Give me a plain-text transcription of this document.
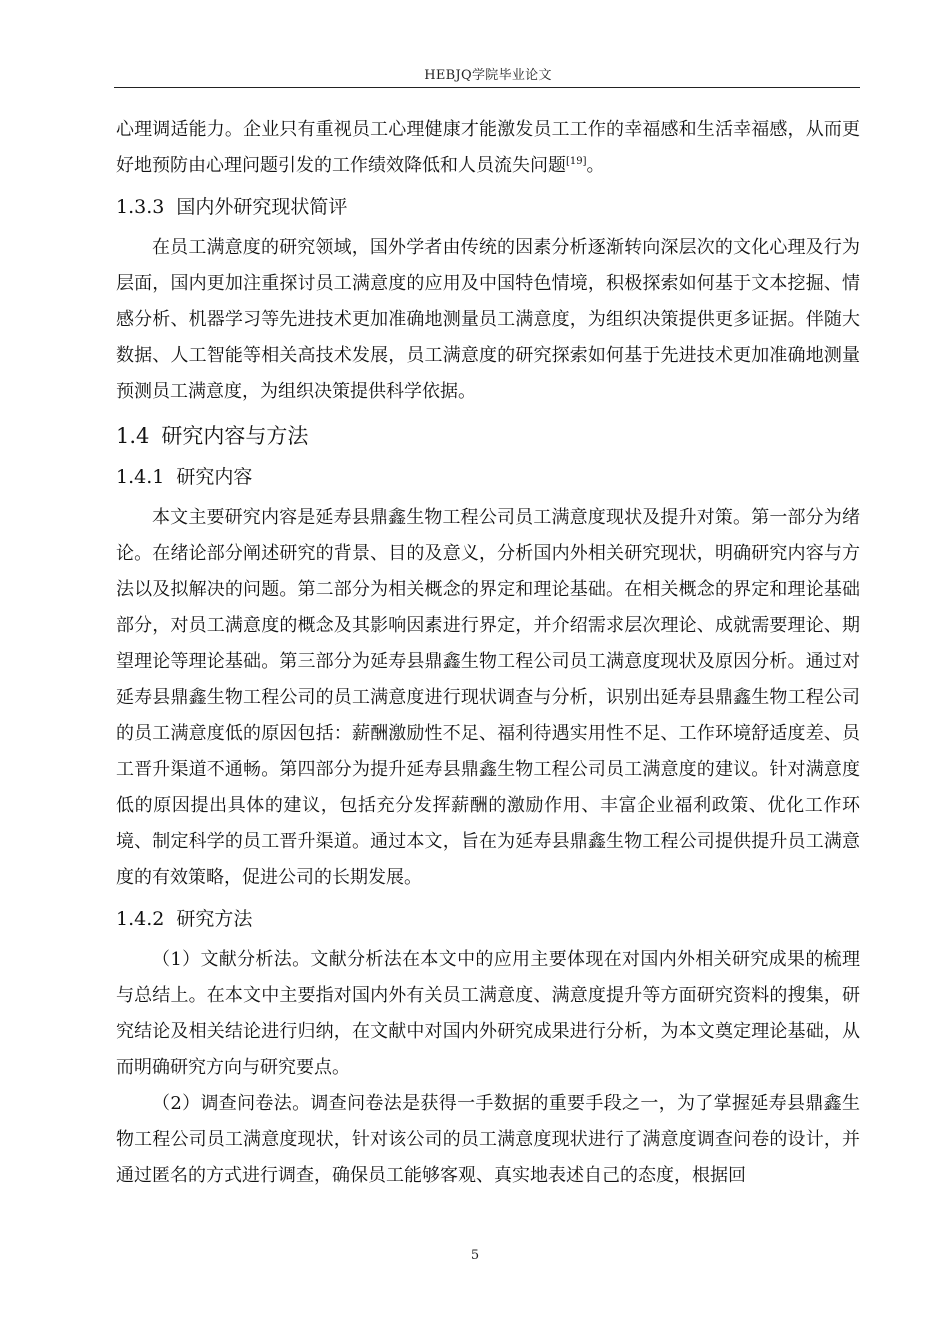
HEBJQ学院毕业论文

心理调适能力。企业只有重视员工心理健康才能激发员工工作的幸福感和生活幸福感，从而更好地预防由心理问题引发的工作绩效降低和人员流失问题[19]。

1.3.3 国内外研究现状简评

在员工满意度的研究领域，国外学者由传统的因素分析逐渐转向深层次的文化心理及行为层面，国内更加注重探讨员工满意度的应用及中国特色情境，积极探索如何基于文本挖掘、情感分析、机器学习等先进技术更加准确地测量员工满意度，为组织决策提供更多证据。伴随大数据、人工智能等相关高技术发展，员工满意度的研究探索如何基于先进技术更加准确地测量预测员工满意度，为组织决策提供科学依据。

1.4 研究内容与方法
1.4.1 研究内容

本文主要研究内容是延寿县鼎鑫生物工程公司员工满意度现状及提升对策。第一部分为绪论。在绪论部分阐述研究的背景、目的及意义，分析国内外相关研究现状，明确研究内容与方法以及拟解决的问题。第二部分为相关概念的界定和理论基础。在相关概念的界定和理论基础部分，对员工满意度的概念及其影响因素进行界定，并介绍需求层次理论、成就需要理论、期望理论等理论基础。第三部分为延寿县鼎鑫生物工程公司员工满意度现状及原因分析。通过对延寿县鼎鑫生物工程公司的员工满意度进行现状调查与分析，识别出延寿县鼎鑫生物工程公司的员工满意度低的原因包括：薪酬激励性不足、福利待遇实用性不足、工作环境舒适度差、员工晋升渠道不通畅。第四部分为提升延寿县鼎鑫生物工程公司员工满意度的建议。针对满意度低的原因提出具体的建议，包括充分发挥薪酬的激励作用、丰富企业福利政策、优化工作环境、制定科学的员工晋升渠道。通过本文，旨在为延寿县鼎鑫生物工程公司提供提升员工满意度的有效策略，促进公司的长期发展。

1.4.2 研究方法

（1）文献分析法。文献分析法在本文中的应用主要体现在对国内外相关研究成果的梳理与总结上。在本文中主要指对国内外有关员工满意度、满意度提升等方面研究资料的搜集，研究结论及相关结论进行归纳，在文献中对国内外研究成果进行分析，为本文奠定理论基础，从而明确研究方向与研究要点。

（2）调查问卷法。调查问卷法是获得一手数据的重要手段之一，为了掌握延寿县鼎鑫生物工程公司员工满意度现状，针对该公司的员工满意度现状进行了满意度调查问卷的设计，并通过匿名的方式进行调查，确保员工能够客观、真实地表述自己的态度，根据回

5
